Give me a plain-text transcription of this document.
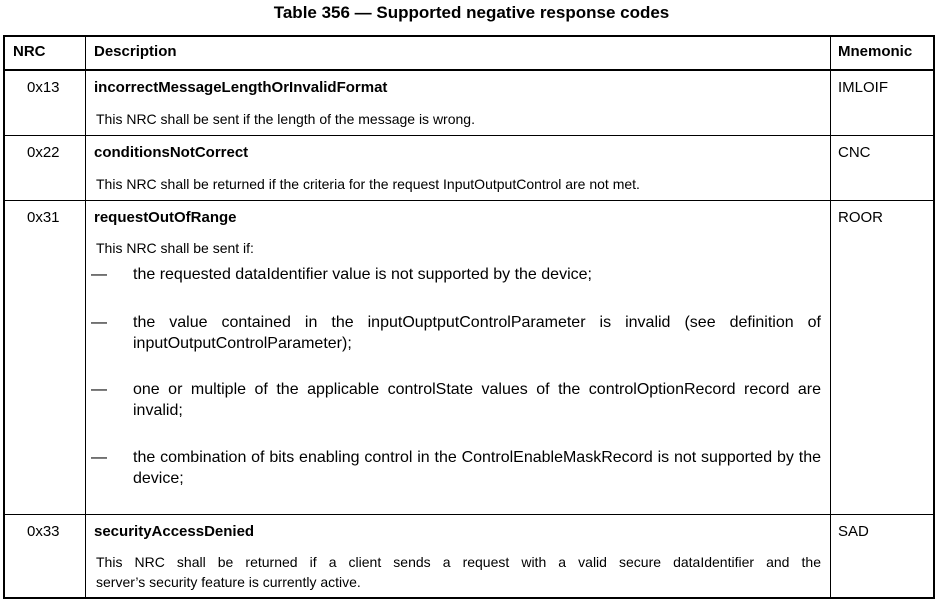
Table 356 — Supported negative response codes
NRC	Description	Mnemonic
0x13 incorrectMessageLengthOrInvalidFormat	IMLOIF
This NRC shall be sent if the length of the message is wrong.
0x22 conditionsNotCorrect	CNC
This NRC shall be returned if the criteria for the request InputOutputControl are not met.
0x31 requestOutOfRange	ROOR
This NRC shall be sent if:
— the requested dataIdentifier value is not supported by the device;
— the value contained in the inputOuptputControlParameter is invalid (see definition of inputOutputControlParameter);
— one or multiple of the applicable controlState values of the controlOptionRecord record are invalid;
— the combination of bits enabling control in the ControlEnableMaskRecord is not supported by the device;
0x33 securityAccessDenied	SAD
This NRC shall be returned if a client sends a request with a valid secure dataIdentifier and the
server’s security feature is currently active.
